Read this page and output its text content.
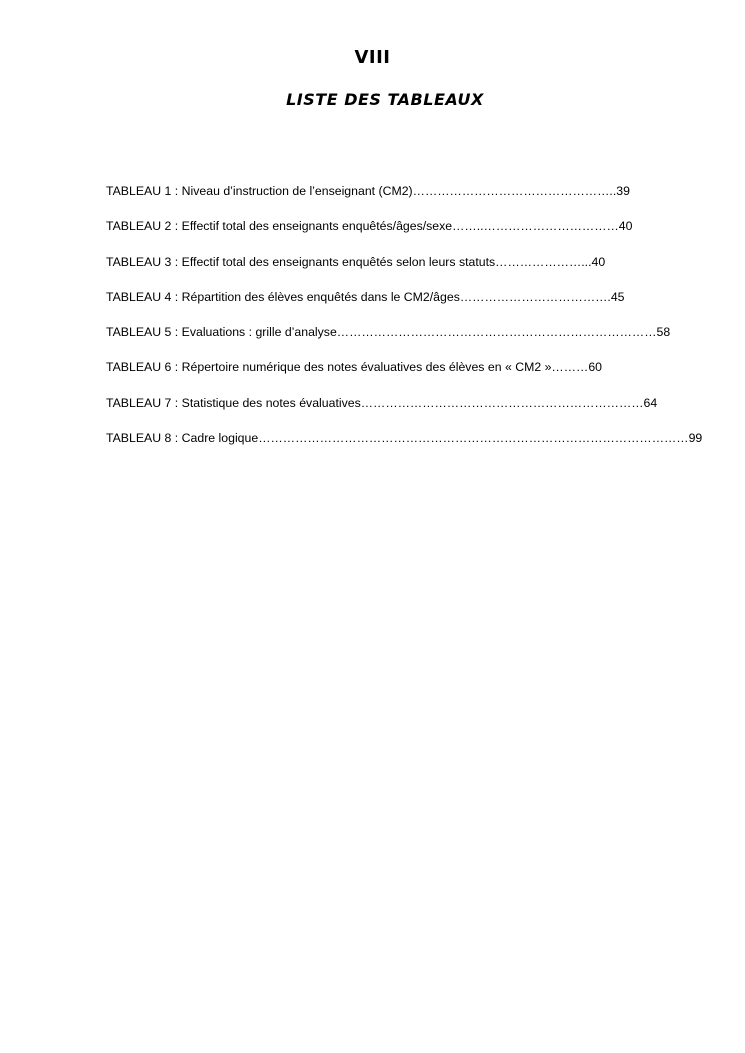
VIII
LISTE DES TABLEAUX
TABLEAU 1 : Niveau d’instruction de l’enseignant (CM2)…………………………………………..39
TABLEAU 2 : Effectif total des enseignants enquêtés/âges/sexe……..……………………………40
TABLEAU 3 : Effectif total des enseignants enquêtés selon leurs statuts…………………...40
TABLEAU 4 : Répartition des élèves enquêtés dans le CM2/âges……………………………….45
TABLEAU 5 : Evaluations : grille d’analyse……………………………………………………………………58
TABLEAU 6 : Répertoire numérique des notes évaluatives des élèves en « CM2 »………60
TABLEAU 7 : Statistique des notes évaluatives……………………………………………………………64
TABLEAU 8 : Cadre logique……………………………………………………………………………………………99
